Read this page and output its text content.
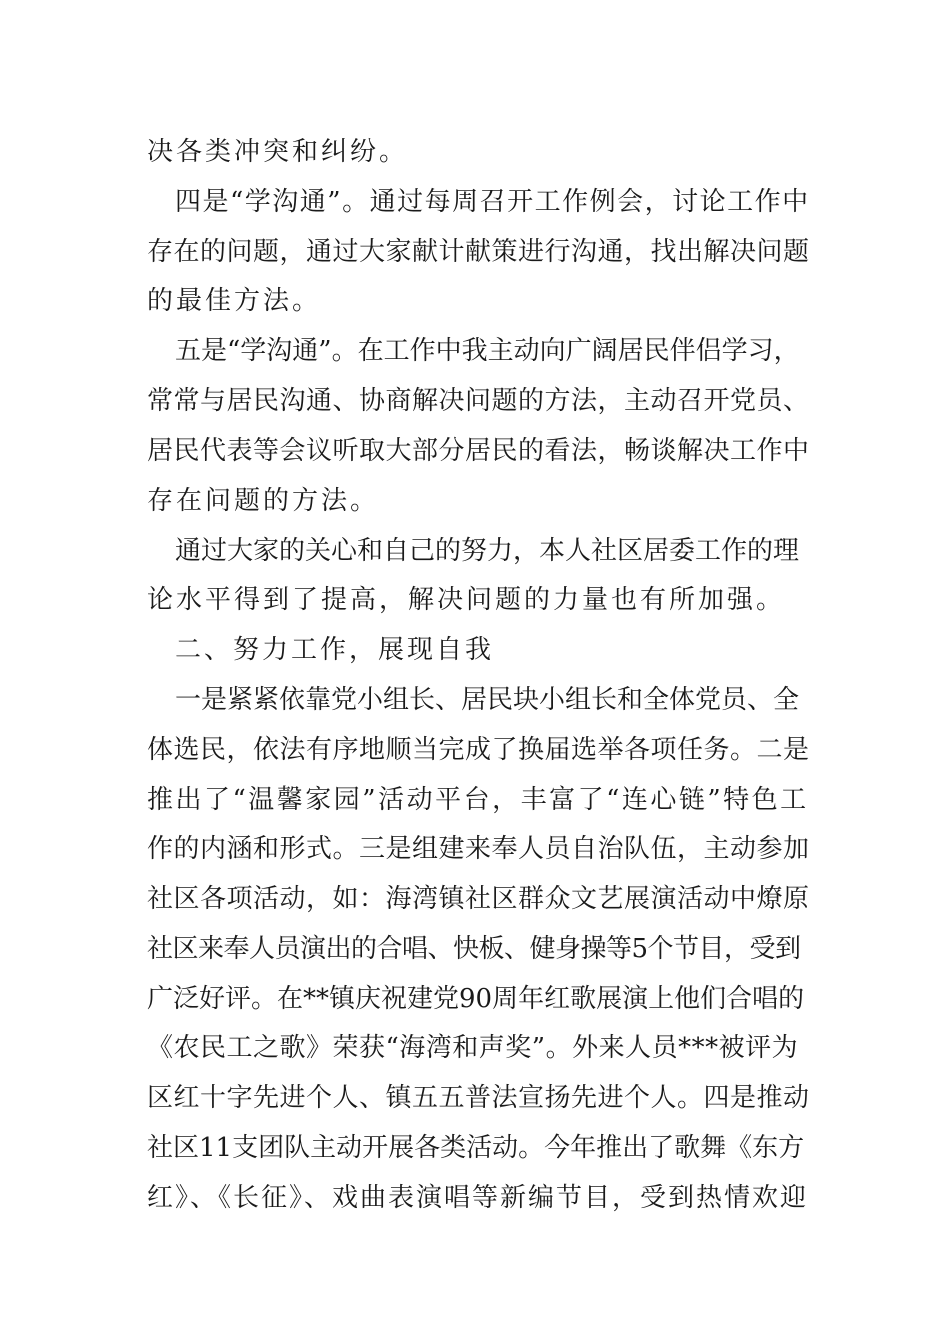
决各类冲突和纠纷。
四是“学沟通”。通过每周召开工作例会，讨论工作中
存在的问题，通过大家献计献策进行沟通，找出解决问题
的最佳方法。
五是“学沟通”。在工作中我主动向广阔居民伴侣学习，
常常与居民沟通、协商解决问题的方法，主动召开党员、
居民代表等会议听取大部分居民的看法，畅谈解决工作中
存在问题的方法。
通过大家的关心和自己的努力，本人社区居委工作的理
论水平得到了提高，解决问题的力量也有所加强。
二、努力工作，展现自我
一是紧紧依靠党小组长、居民块小组长和全体党员、全
体选民，依法有序地顺当完成了换届选举各项任务。二是
推出了“温馨家园”活动平台，丰富了“连心链”特色工
作的内涵和形式。三是组建来奉人员自治队伍，主动参加
社区各项活动，如：海湾镇社区群众文艺展演活动中燎原
社区来奉人员演出的合唱、快板、健身操等5个节目，受到
广泛好评。在**镇庆祝建党90周年红歌展演上他们合唱的
《农民工之歌》荣获“海湾和声奖”。外来人员***被评为
区红十字先进个人、镇五五普法宣扬先进个人。四是推动
社区11支团队主动开展各类活动。今年推出了歌舞《东方
红》、《长征》、戏曲表演唱等新编节目，受到热情欢迎
